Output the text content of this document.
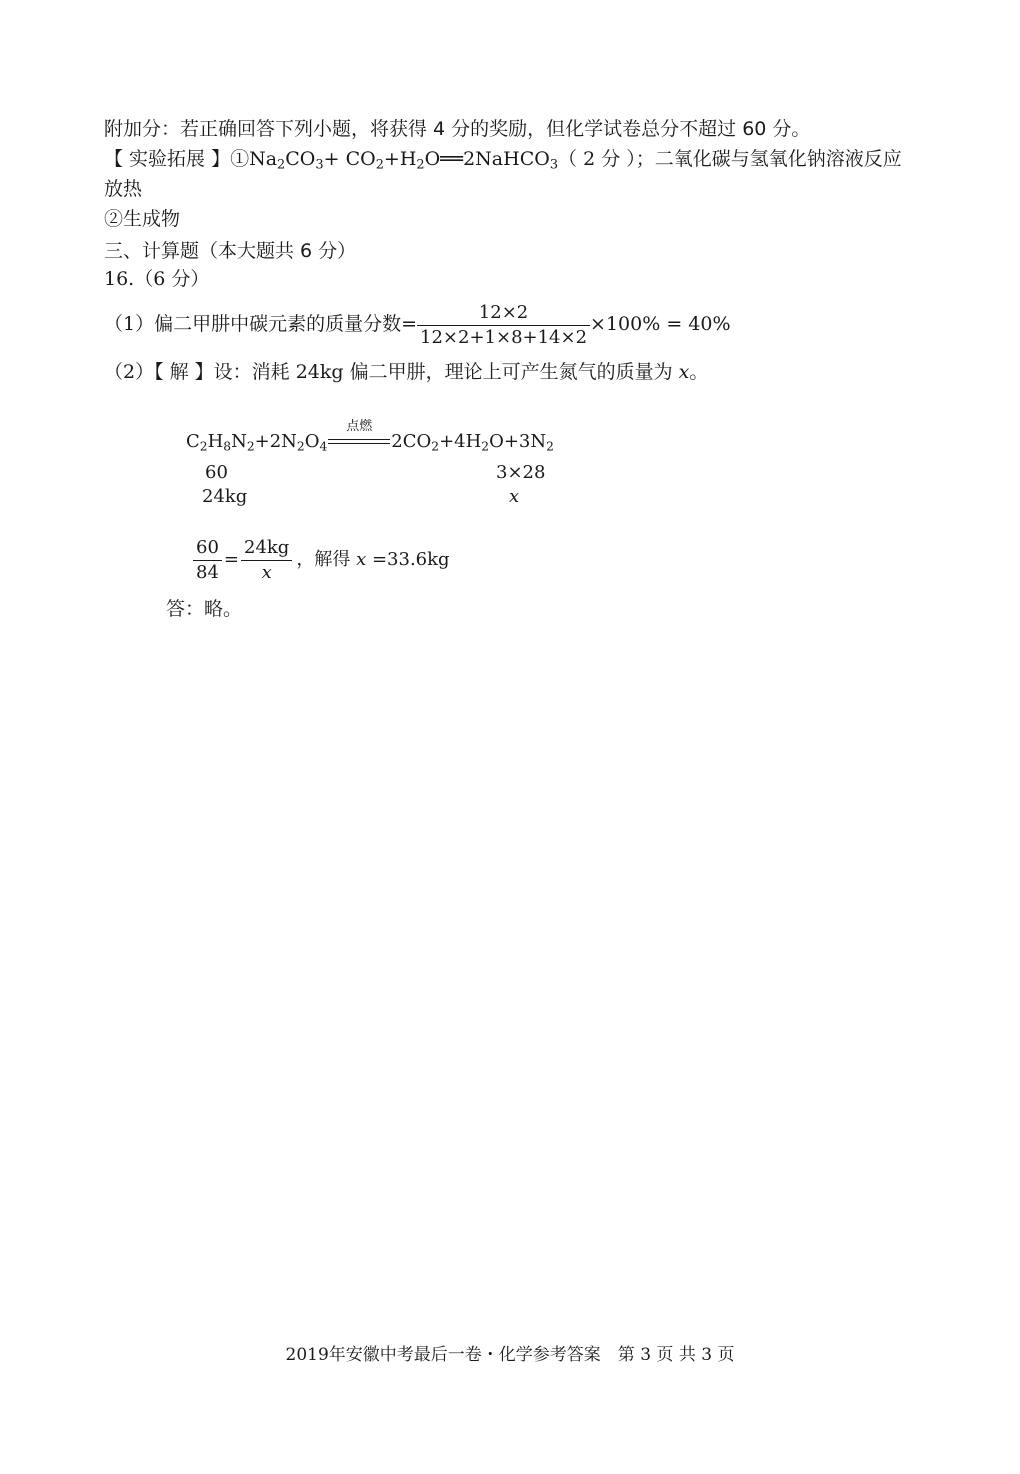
附加分：若正确回答下列小题，将获得 4 分的奖励，但化学试卷总分不超过 60 分。
【 实验拓展 】$①Na_2CO_3+$ $CO_2+H_2O══2NaHCO_3$（ 2 分 ）；二氧化碳与氢氧化钠溶液反应
放热
②生成物
三、计算题（本大题共 6 分）
16.（6 分）
（1）偏二甲肼中碳元素的质量分数= $\frac{12\times 2}{12\times 2+1\times 8+14\times 2} \times 100\% = 40\%$
（2）【 解 】设：消耗 24kg 偏二甲肼，理论上可产生氮气的质量为 x。
$C_2H_8N_2+2N_2O_4$
点燃
$2CO_2+4H_2O+3N_2$
60	3×28
24kg	x
$\frac{60}{84} = \frac{24kg}{x}$ ，解得 x =33.6kg
答：略。
2019年安徽中考最后一卷・化学参考答案　第 3 页 共 3 页
